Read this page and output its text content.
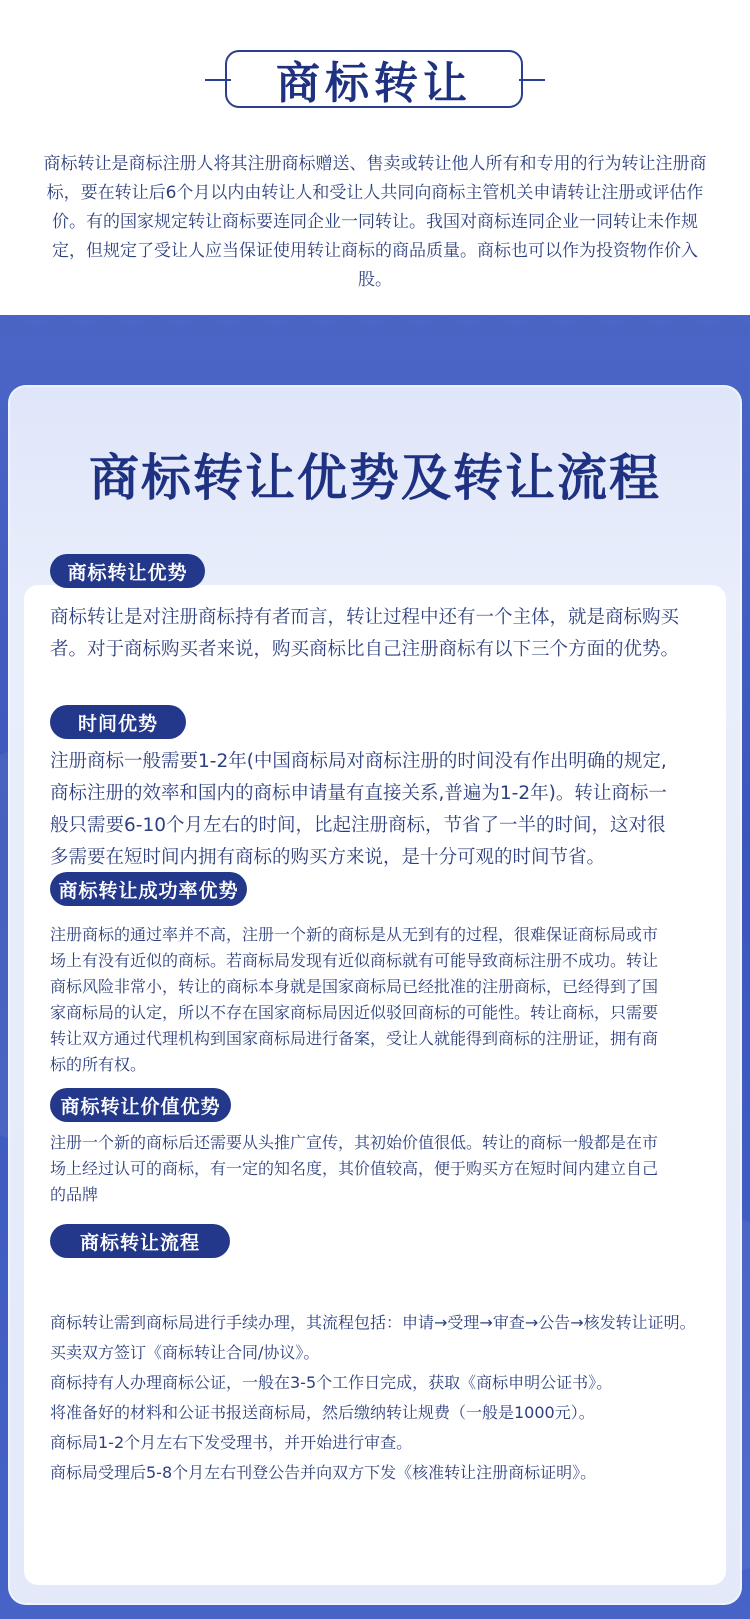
商标转让

商标转让是商标注册人将其注册商标赠送、售卖或转让他人所有和专用的行为转让注册商标，要在转让后6个月以内由转让人和受让人共同向商标主管机关申请转让注册或评估作价。有的国家规定转让商标要连同企业一同转让。我国对商标连同企业一同转让未作规定，但规定了受让人应当保证使用转让商标的商品质量。商标也可以作为投资物作价入股。

商标转让优势及转让流程
商标转让优势

商标转让是对注册商标持有者而言，转让过程中还有一个主体，就是商标购买者。对于商标购买者来说，购买商标比自己注册商标有以下三个方面的优势。

时间优势

注册商标一般需要1-2年(中国商标局对商标注册的时间没有作出明确的规定,商标注册的效率和国内的商标申请量有直接关系,普遍为1-2年)。转让商标一般只需要6-10个月左右的时间，比起注册商标，节省了一半的时间，这对很多需要在短时间内拥有商标的购买方来说，是十分可观的时间节省。

商标转让成功率优势

注册商标的通过率并不高，注册一个新的商标是从无到有的过程，很难保证商标局或市场上有没有近似的商标。若商标局发现有近似商标就有可能导致商标注册不成功。转让商标风险非常小，转让的商标本身就是国家商标局已经批准的注册商标，已经得到了国家商标局的认定，所以不存在国家商标局因近似驳回商标的可能性。转让商标，只需要转让双方通过代理机构到国家商标局进行备案，受让人就能得到商标的注册证，拥有商标的所有权。

商标转让价值优势

注册一个新的商标后还需要从头推广宣传，其初始价值很低。转让的商标一般都是在市场上经过认可的商标，有一定的知名度，其价值较高，便于购买方在短时间内建立自己的品牌

商标转让流程
商标转让需到商标局进行手续办理，其流程包括：申请→受理→审查→公告→核发转让证明。
买卖双方签订《商标转让合同/协议》。
商标持有人办理商标公证，一般在3-5个工作日完成，获取《商标申明公证书》。
将准备好的材料和公证书报送商标局，然后缴纳转让规费（一般是1000元）。
商标局1-2个月左右下发受理书，并开始进行审查。
商标局受理后5-8个月左右刊登公告并向双方下发《核准转让注册商标证明》。
